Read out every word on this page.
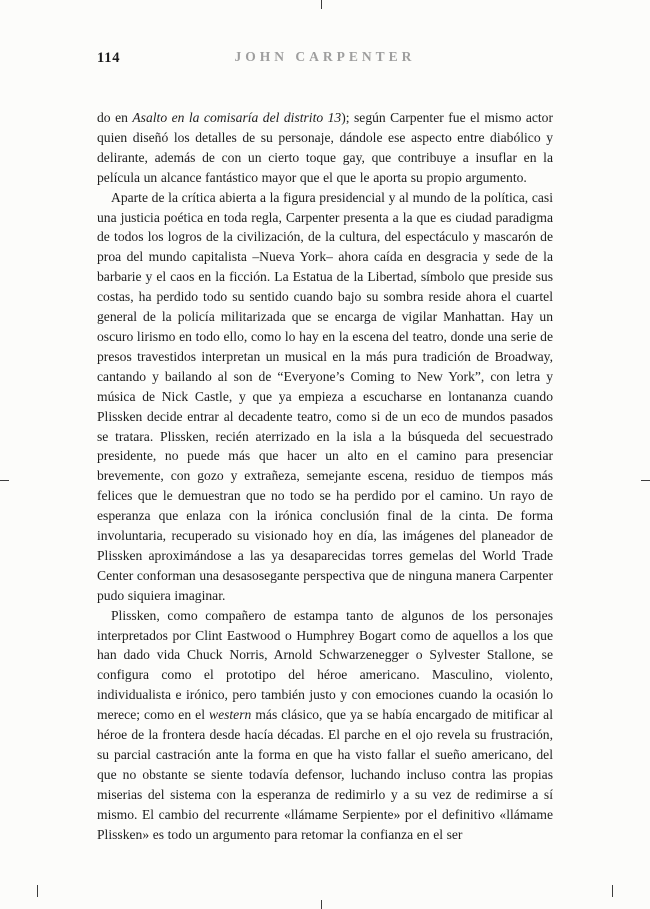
114	JOHN CARPENTER

do en Asalto en la comisaría del distrito 13); según Carpenter fue el mismo actor quien diseñó los detalles de su personaje, dándole ese aspecto entre diabólico y delirante, además de con un cierto toque gay, que contribuye a insuflar en la película un alcance fantástico mayor que el que le aporta su propio argumento.

Aparte de la crítica abierta a la figura presidencial y al mundo de la política, casi una justicia poética en toda regla, Carpenter presenta a la que es ciudad paradigma de todos los logros de la civilización, de la cultura, del espectáculo y mascarón de proa del mundo capitalista –Nueva York– ahora caída en desgracia y sede de la barbarie y el caos en la ficción. La Estatua de la Libertad, símbolo que preside sus costas, ha perdido todo su sentido cuando bajo su sombra reside ahora el cuartel general de la policía militarizada que se encarga de vigilar Manhattan. Hay un oscuro lirismo en todo ello, como lo hay en la escena del teatro, donde una serie de presos travestidos interpretan un musical en la más pura tradición de Broadway, cantando y bailando al son de “Everyone’s Coming to New York”, con letra y música de Nick Castle, y que ya empieza a escucharse en lontananza cuando Plissken decide entrar al decadente teatro, como si de un eco de mundos pasados se tratara. Plissken, recién aterrizado en la isla a la búsqueda del secuestrado presidente, no puede más que hacer un alto en el camino para presenciar brevemente, con gozo y extrañeza, semejante escena, residuo de tiempos más felices que le demuestran que no todo se ha perdido por el camino. Un rayo de esperanza que enlaza con la irónica conclusión final de la cinta. De forma involuntaria, recuperado su visionado hoy en día, las imágenes del planeador de Plissken aproximándose a las ya desaparecidas torres gemelas del World Trade Center conforman una desasosegante perspectiva que de ninguna manera Carpenter pudo siquiera imaginar.

Plissken, como compañero de estampa tanto de algunos de los personajes interpretados por Clint Eastwood o Humphrey Bogart como de aquellos a los que han dado vida Chuck Norris, Arnold Schwarzenegger o Sylvester Stallone, se configura como el prototipo del héroe americano. Masculino, violento, individualista e irónico, pero también justo y con emociones cuando la ocasión lo merece; como en el western más clásico, que ya se había encargado de mitificar al héroe de la frontera desde hacía décadas. El parche en el ojo revela su frustración, su parcial castración ante la forma en que ha visto fallar el sueño americano, del que no obstante se siente todavía defensor, luchando incluso contra las propias miserias del sistema con la esperanza de redimirlo y a su vez de redimirse a sí mismo. El cambio del recurrente «llámame Serpiente» por el definitivo «llámame Plissken» es todo un argumento para retomar la confianza en el ser
